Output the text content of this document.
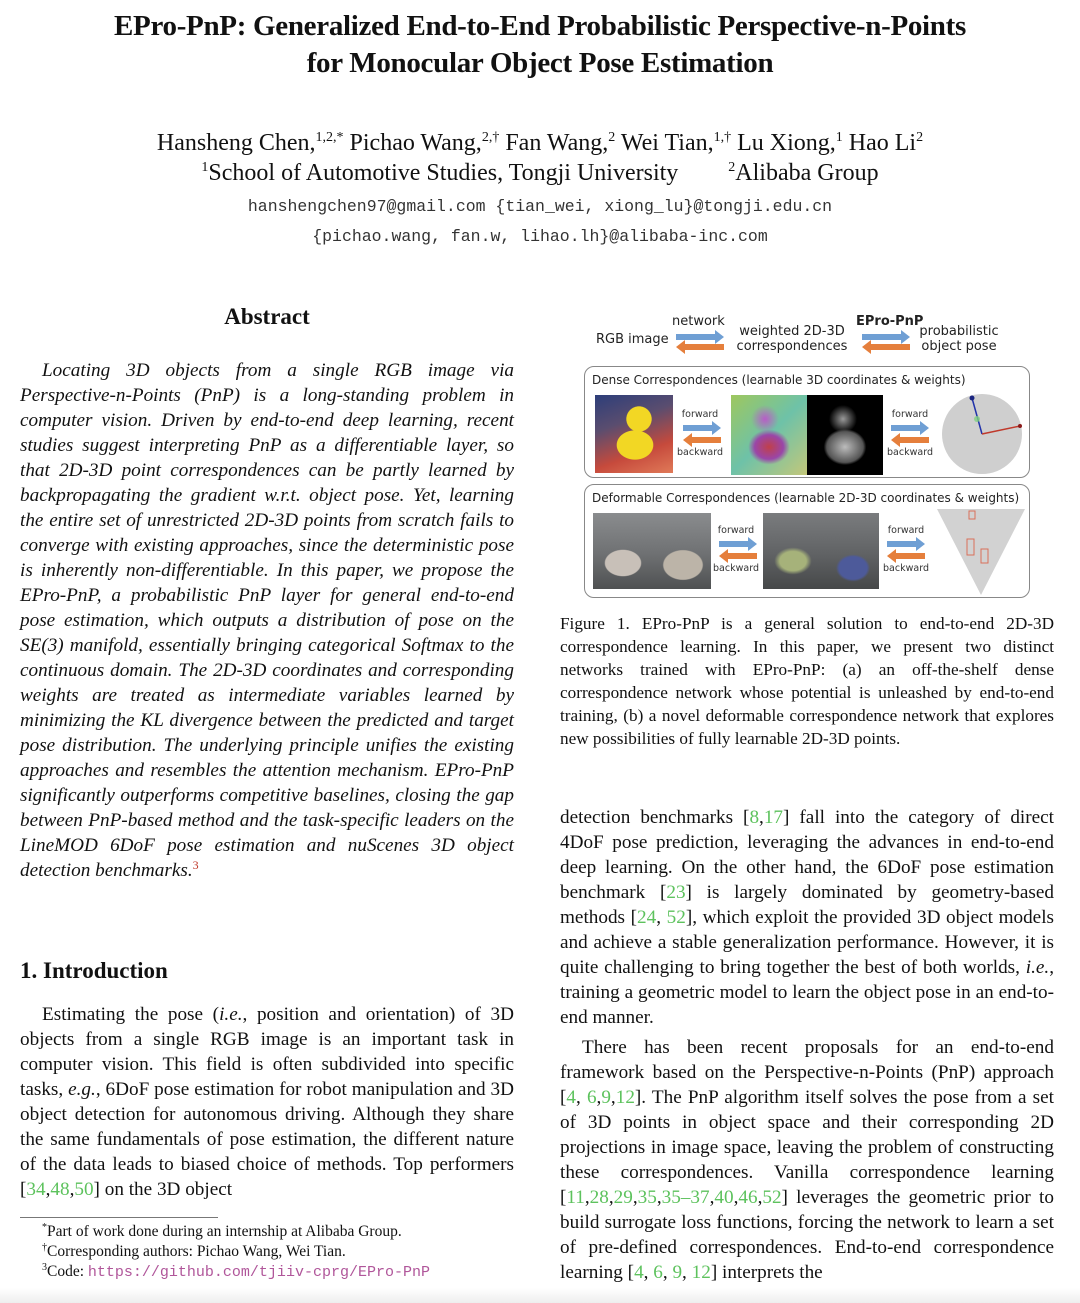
EPro-PnP: Generalized End-to-End Probabilistic Perspective-n-Points
for Monocular Object Pose Estimation
Hansheng Chen,$^{1,2,*}$ Pichao Wang,$^{2,\dagger}$ Fan Wang,$^2$ Wei Tian,$^{1,\dagger}$ Lu Xiong,$^1$ Hao Li$^2$
$^1$School of Automotive Studies, Tongji University	$^2$Alibaba Group
hanshengchen97@gmail.com {tian_wei, xiong_lu}@tongji.edu.cn
{pichao.wang, fan.w, lihao.lh}@alibaba-inc.com
Abstract

Locating 3D objects from a single RGB image via Perspective-n-Points (PnP) is a long-standing problem in computer vision. Driven by end-to-end deep learning, recent studies suggest interpreting PnP as a differentiable layer, so that 2D-3D point correspondences can be partly learned by backpropagating the gradient w.r.t. object pose. Yet, learning the entire set of unrestricted 2D-3D points from scratch fails to converge with existing approaches, since the deterministic pose is inherently non-differentiable. In this paper, we propose the EPro-PnP, a probabilistic PnP layer for general end-to-end pose estimation, which outputs a distribution of pose on the SE(3) manifold, essentially bringing categorical Softmax to the continuous domain. The 2D-3D coordinates and corresponding weights are treated as intermediate variables learned by minimizing the KL divergence between the predicted and target pose distribution. The underlying principle unifies the existing approaches and resembles the attention mechanism. EPro-PnP significantly outperforms competitive baselines, closing the gap between PnP-based method and the task-specific leaders on the LineMOD 6DoF pose estimation and nuScenes 3D object detection benchmarks.$^3$

1. Introduction

Estimating the pose (i.e., position and orientation) of 3D objects from a single RGB image is an important task in computer vision. This field is often subdivided into specific tasks, e.g., 6DoF pose estimation for robot manipulation and 3D object detection for autonomous driving. Although they share the same fundamentals of pose estimation, the different nature of the data leads to biased choice of methods. Top performers [34,48,50] on the 3D object

*Part of work done during an internship at Alibaba Group.
†Corresponding authors: Pichao Wang, Wei Tian.
$^3$Code: https://github.com/tjiiv-cprg/EPro-PnP
RGB image
network
weighted 2D-3D
correspondences
EPro-PnP
probabilistic
object pose
Dense Correspondences (learnable 3D coordinates & weights)
forward
backward
forward
backward
Deformable Correspondences (learnable 2D-3D coordinates & weights)
forward
backward
forward
backward
Figure 1. EPro-PnP is a general solution to end-to-end 2D-3D correspondence learning. In this paper, we present two distinct networks trained with EPro-PnP: (a) an off-the-shelf dense correspondence network whose potential is unleashed by end-to-end training, (b) a novel deformable correspondence network that explores new possibilities of fully learnable 2D-3D points.

detection benchmarks [8,17] fall into the category of direct 4DoF pose prediction, leveraging the advances in end-to-end deep learning. On the other hand, the 6DoF pose estimation benchmark [23] is largely dominated by geometry-based methods [24, 52], which exploit the provided 3D object models and achieve a stable generalization performance. However, it is quite challenging to bring together the best of both worlds, i.e., training a geometric model to learn the object pose in an end-to-end manner.

There has been recent proposals for an end-to-end framework based on the Perspective-n-Points (PnP) approach [4, 6,9,12]. The PnP algorithm itself solves the pose from a set of 3D points in object space and their corresponding 2D projections in image space, leaving the problem of constructing these correspondences. Vanilla correspondence learning [11,28,29,35,35–37,40,46,52] leverages the geometric prior to build surrogate loss functions, forcing the network to learn a set of pre-defined correspondences. End-to-end correspondence learning [4, 6, 9, 12] interprets the
